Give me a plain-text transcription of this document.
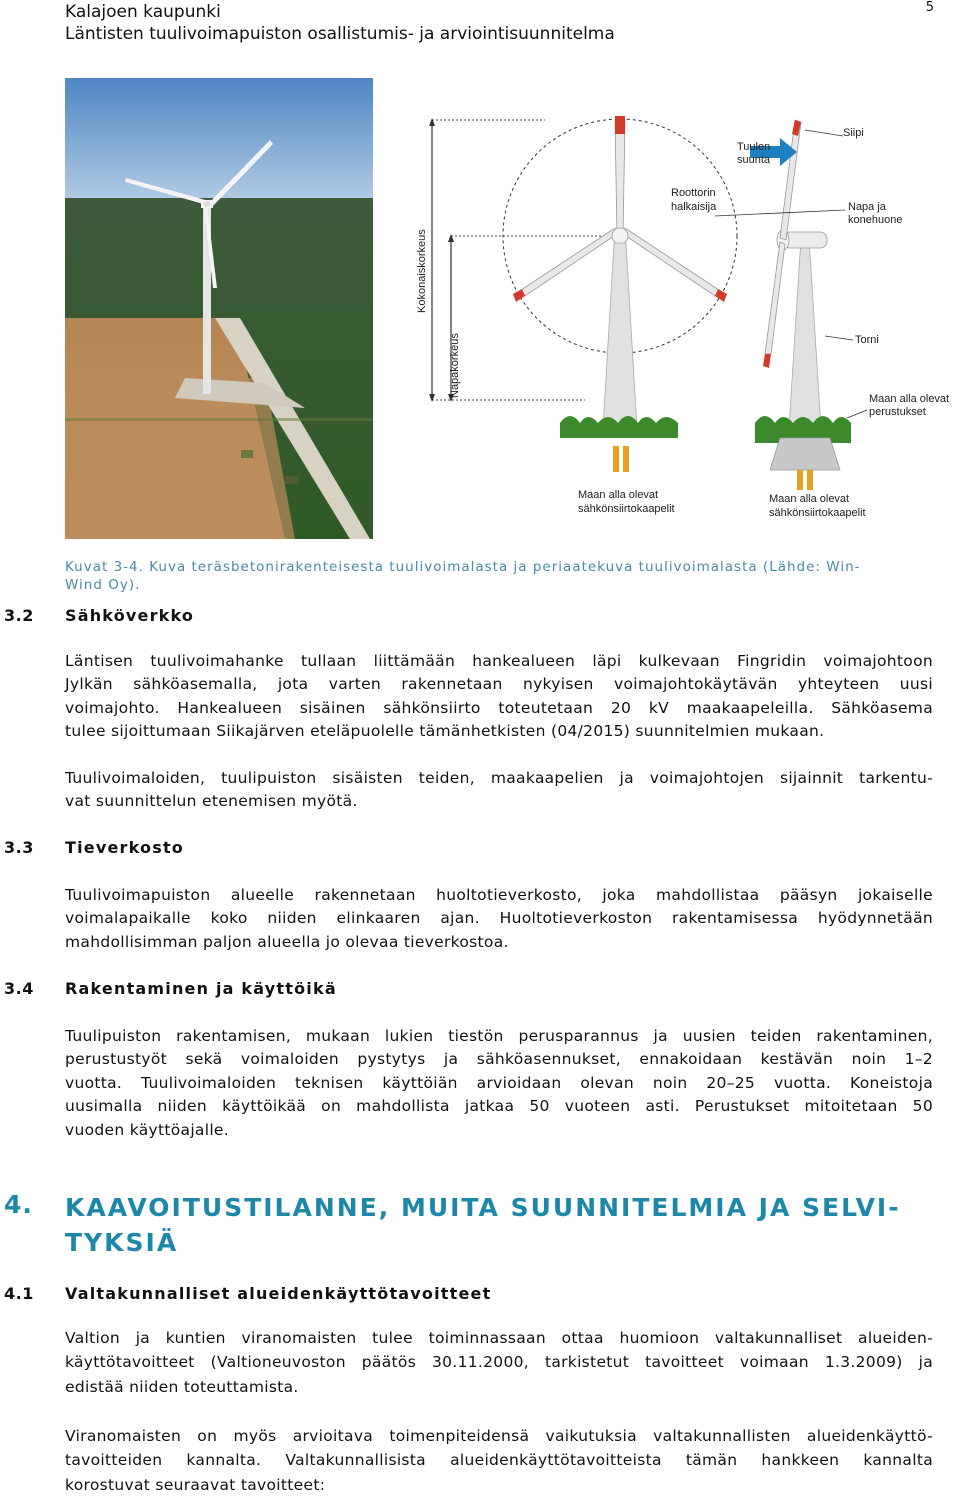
Kalajoen kaupunki
Läntisten tuulivoimapuiston osallistumis- ja arviointisuunnitelma
5
Kokonaiskorkeus
Napakorkeus
Tuulen
suunta
Siipi
Roottorin
halkaisija	Napa ja
konehuone
Torni
Maan alla olevat
perustukset
Maan alla olevat
sähkönsiirtokaapelit
Maan alla olevat
sähkönsiirtokaapelit
Kuvat 3-4. Kuva teräsbetonirakenteisesta tuulivoimalasta ja periaatekuva tuulivoimalasta (Lähde: Win-
Wind Oy).
3.2 Sähköverkko
Läntisen tuulivoimahanke tullaan liittämään hankealueen läpi kulkevaan Fingridin voimajohtoon
Jylkän sähköasemalla, jota varten rakennetaan nykyisen voimajohtokäytävän yhteyteen uusi
voimajohto. Hankealueen sisäinen sähkönsiirto toteutetaan 20 kV maakaapeleilla. Sähköasema
tulee sijoittumaan Siikajärven eteläpuolelle tämänhetkisten (04/2015) suunnitelmien mukaan.
Tuulivoimaloiden, tuulipuiston sisäisten teiden, maakaapelien ja voimajohtojen sijainnit tarkentu-
vat suunnittelun etenemisen myötä.
3.3 Tieverkosto
Tuulivoimapuiston alueelle rakennetaan huoltotieverkosto, joka mahdollistaa pääsyn jokaiselle
voimalapaikalle koko niiden elinkaaren ajan. Huoltotieverkoston rakentamisessa hyödynnetään
mahdollisimman paljon alueella jo olevaa tieverkostoa.
3.4 Rakentaminen ja käyttöikä
Tuulipuiston rakentamisen, mukaan lukien tiestön perusparannus ja uusien teiden rakentaminen,
perustustyöt sekä voimaloiden pystytys ja sähköasennukset, ennakoidaan kestävän noin 1–2
vuotta. Tuulivoimaloiden teknisen käyttöiän arvioidaan olevan noin 20–25 vuotta. Koneistoja
uusimalla niiden käyttöikää on mahdollista jatkaa 50 vuoteen asti. Perustukset mitoitetaan 50
vuoden käyttöajalle.
4. KAAVOITUSTILANNE, MUITA SUUNNITELMIA JA SELVI-
TYKSIÄ
4.1 Valtakunnalliset alueidenkäyttötavoitteet
Valtion ja kuntien viranomaisten tulee toiminnassaan ottaa huomioon valtakunnalliset alueiden-
käyttötavoitteet (Valtioneuvoston päätös 30.11.2000, tarkistetut tavoitteet voimaan 1.3.2009) ja
edistää niiden toteuttamista.
Viranomaisten on myös arvioitava toimenpiteidensä vaikutuksia valtakunnallisten alueidenkäyttö-
tavoitteiden kannalta. Valtakunnallisista alueidenkäyttötavoitteista tämän hankkeen kannalta
korostuvat seuraavat tavoitteet:
